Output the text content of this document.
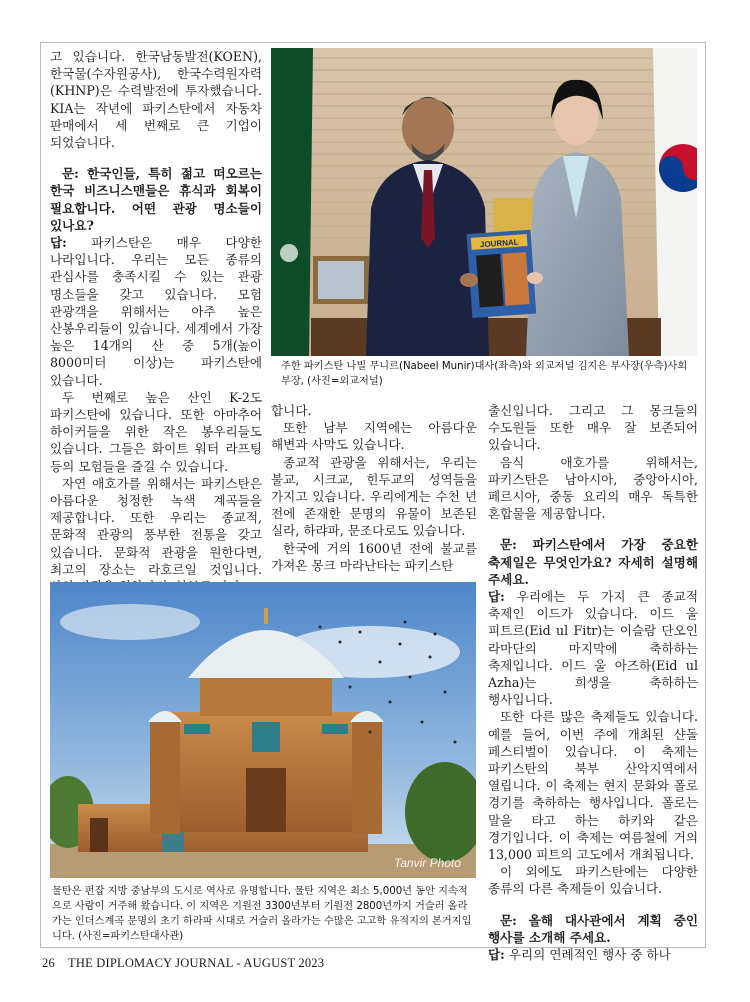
고 있습니다. 한국남동발전(KOEN), 한국물(수자원공사), 한국수력원자력(KHNP)은 수력발전에 투자했습니다. KIA는 작년에 파키스탄에서 자동차 판매에서 세 번째로 큰 기업이 되었습니다.

문: 한국인들, 특히 젊고 떠오르는 한국 비즈니스맨들은 휴식과 회복이 필요합니다. 어떤 관광 명소들이 있나요?

답: 파키스탄은 매우 다양한 나라입니다. 우리는 모든 종류의 관심사를 충족시킬 수 있는 관광 명소들을 갖고 있습니다. 모험 관광객을 위해서는 아주 높은 산봉우리들이 있습니다. 세계에서 가장 높은 14개의 산 중 5개(높이 8000미터 이상)는 파키스탄에 있습니다.

두 번째로 높은 산인 K-2도 파키스탄에 있습니다. 또한 아마추어 하이커들을 위한 작은 봉우리들도 있습니다. 그들은 화이트 워터 라프팅 등의 모험들을 즐길 수 있습니다.

자연 애호가를 위해서는 파키스탄은 아름다운 청정한 녹색 계곡들을 제공합니다. 또한 우리는 종교적, 문화적 관광의 풍부한 전통을 갖고 있습니다. 문화적 관광을 원한다면, 최고의 장소는 라호르일 것입니다.

JOURNAL
주한 파키스탄 나빌 무니르(Nabeel Munir)대사(좌측)와 외교저널 김지은 부사장(우측)사회부장, (사진=외교저널)

합니다.

또한 남부 지역에는 아름다운 해변과 사막도 있습니다.

종교적 관광을 위해서는, 우리는 불교, 시크교, 힌두교의 성역들을 가지고 있습니다. 우리에게는 수천 년 전에 존재한 문명의 유물이 보존된 실라, 하랴파, 문조다로도 있습니다.

한국에 거의 1600년 전에 불교를 가져온 몽크 마라난타는 파키스탄

출신입니다. 그리고 그 몽크들의 수도원들 또한 매우 잘 보존되어 있습니다.

음식 애호가를 위해서는, 파키스탄은 남아시아, 중앙아시아, 페르시아, 중동 요리의 매우 독특한 혼합물을 제공합니다.

문: 파키스탄에서 가장 중요한 축제일은 무엇인가요? 자세히 설명해 주세요.

답: 우리에는 두 가지 큰 종교적 축제인 이드가 있습니다. 이드 울 피트르(Eid ul Fitr)는 이슬람 단오인 라마단의 마지막에 축하하는 축제입니다. 이드 울 아즈하(Eid ul Azha)는 희생을 축하하는 행사입니다.

또한 다른 많은 축제들도 있습니다. 예를 들어, 이번 주에 개최된 샨돌 페스티벌이 있습니다. 이 축제는 파키스탄의 북부 산악지역에서 열립니다. 이 축제는 현지 문화와 폴로 경기를 축하하는 행사입니다. 폴로는 말을 타고 하는 하키와 같은 경기입니다. 이 축제는 여름철에 거의 13,000 피트의 고도에서 개최됩니다.

이 외에도 파키스탄에는 다양한 종류의 다른 축제들이 있습니다.

문: 올해 대사관에서 계획 중인 행사를 소개해 주세요.

답: 우리의 연례적인 행사 중 하나

Tanvir Photo
물탄은 펀잡 지방 중남부의 도시로 역사로 유명합니다. 물탄 지역은 최소 5,000년 동안 지속적으로 사람이 거주해 왔습니다. 이 지역은 기원전 3300년부터 기원전 2800년까지 거슬러 올라가는 인더스계곡 문명의 초기 하라파 시대로 거슬러 올라가는 수많은 고고학 유적지의 본거지입니다. (사진=파키스탄대사관)
26 THE DIPLOMACY JOURNAL - AUGUST 2023
